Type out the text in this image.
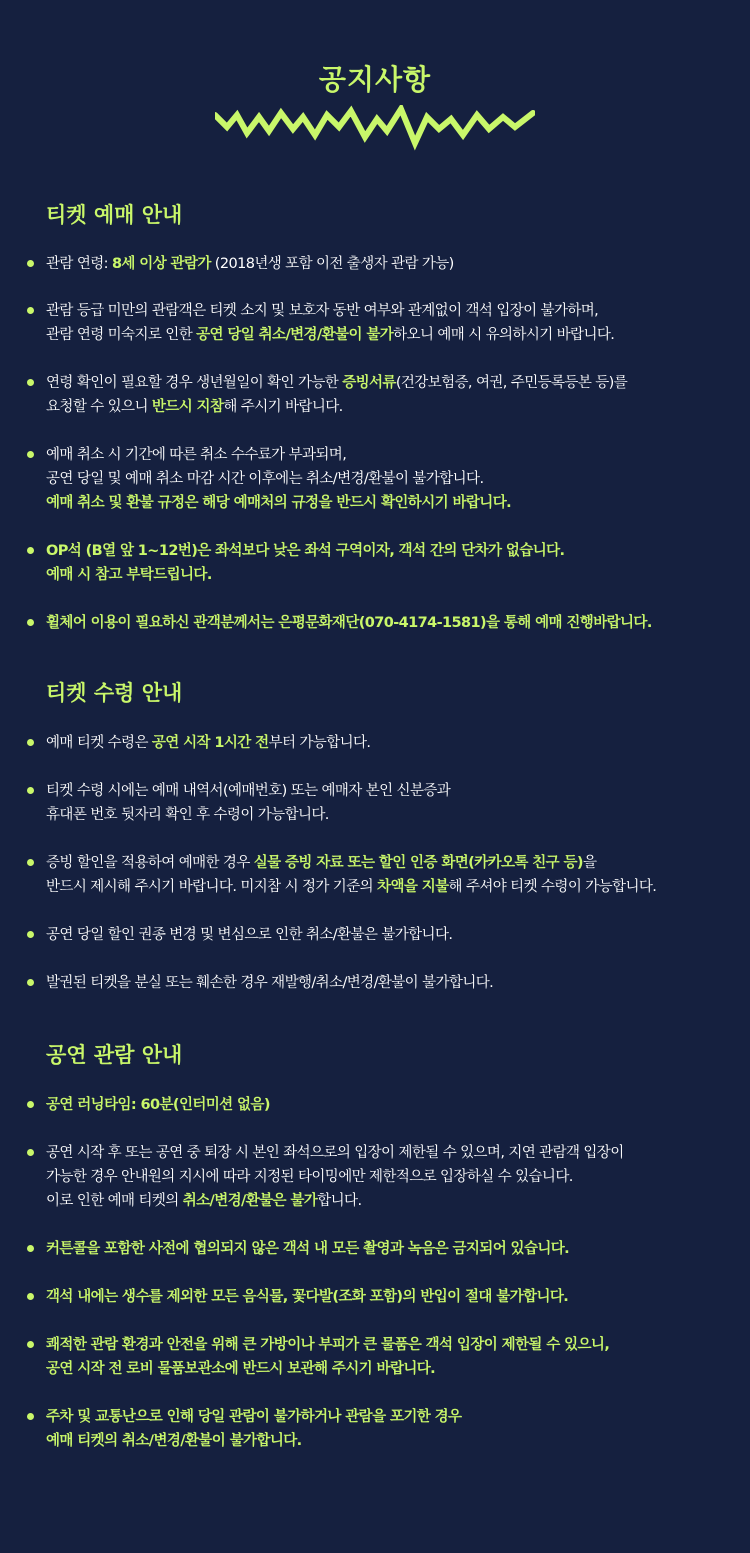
공지사항
티켓 예매 안내
티켓 수령 안내
공연 관람 안내
관람 연령: 8세 이상 관람가 (2018년생 포함 이전 출생자 관람 가능)
관람 등급 미만의 관람객은 티켓 소지 및 보호자 동반 여부와 관계없이 객석 입장이 불가하며,
관람 연령 미숙지로 인한 공연 당일 취소/변경/환불이 불가하오니 예매 시 유의하시기 바랍니다.
연령 확인이 필요할 경우 생년월일이 확인 가능한 증빙서류(건강보험증, 여권, 주민등록등본 등)를
요청할 수 있으니 반드시 지참해 주시기 바랍니다.
예매 취소 시 기간에 따른 취소 수수료가 부과되며,
공연 당일 및 예매 취소 마감 시간 이후에는 취소/변경/환불이 불가합니다.
예매 취소 및 환불 규정은 해당 예매처의 규정을 반드시 확인하시기 바랍니다.
OP석 (B열 앞 1~12번)은 좌석보다 낮은 좌석 구역이자, 객석 간의 단차가 없습니다.
예매 시 참고 부탁드립니다.
휠체어 이용이 필요하신 관객분께서는 은평문화재단(070-4174-1581)을 통해 예매 진행바랍니다.
예매 티켓 수령은 공연 시작 1시간 전부터 가능합니다.
티켓 수령 시에는 예매 내역서(예매번호) 또는 예매자 본인 신분증과
휴대폰 번호 뒷자리 확인 후 수령이 가능합니다.
증빙 할인을 적용하여 예매한 경우 실물 증빙 자료 또는 할인 인증 화면(카카오톡 친구 등)을
반드시 제시해 주시기 바랍니다. 미지참 시 정가 기준의 차액을 지불해 주셔야 티켓 수령이 가능합니다.
공연 당일 할인 권종 변경 및 변심으로 인한 취소/환불은 불가합니다.
발권된 티켓을 분실 또는 훼손한 경우 재발행/취소/변경/환불이 불가합니다.
공연 러닝타임: 60분(인터미션 없음)
공연 시작 후 또는 공연 중 퇴장 시 본인 좌석으로의 입장이 제한될 수 있으며, 지연 관람객 입장이
가능한 경우 안내원의 지시에 따라 지정된 타이밍에만 제한적으로 입장하실 수 있습니다.
이로 인한 예매 티켓의 취소/변경/환불은 불가합니다.
커튼콜을 포함한 사전에 협의되지 않은 객석 내 모든 촬영과 녹음은 금지되어 있습니다.
객석 내에는 생수를 제외한 모든 음식물, 꽃다발(조화 포함)의 반입이 절대 불가합니다.
쾌적한 관람 환경과 안전을 위해 큰 가방이나 부피가 큰 물품은 객석 입장이 제한될 수 있으니,
공연 시작 전 로비 물품보관소에 반드시 보관해 주시기 바랍니다.
주차 및 교통난으로 인해 당일 관람이 불가하거나 관람을 포기한 경우
예매 티켓의 취소/변경/환불이 불가합니다.
